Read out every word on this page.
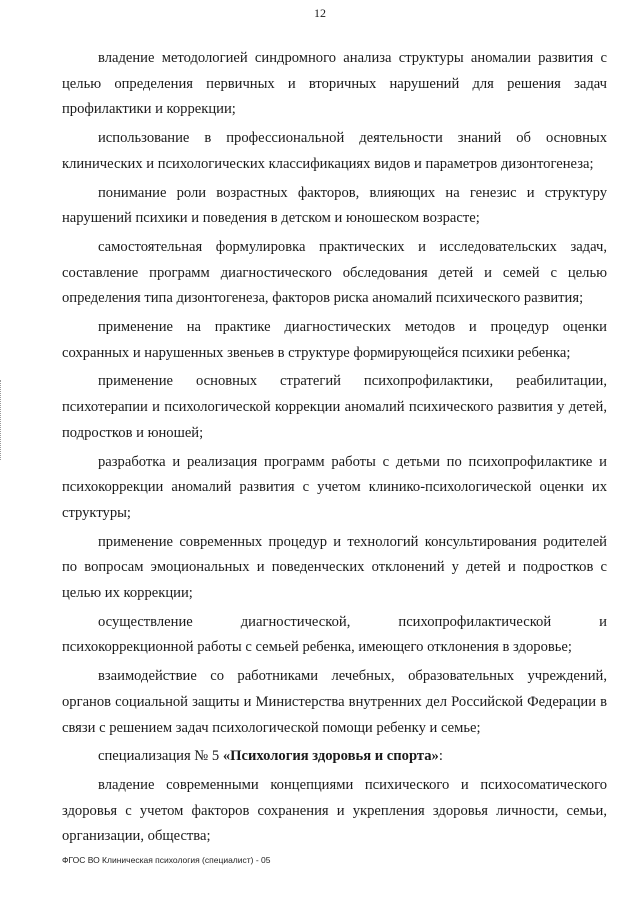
12

владение методологией синдромного анализа структуры аномалии развития с целью определения первичных и вторичных нарушений для решения задач профилактики и коррекции;

использование в профессиональной деятельности знаний об основных клинических и психологических классификациях видов и параметров дизонтогенеза;

понимание роли возрастных факторов, влияющих на генезис и структуру нарушений психики и поведения в детском и юношеском возрасте;

самостоятельная формулировка практических и исследовательских задач, составление программ диагностического обследования детей и семей с целью определения типа дизонтогенеза, факторов риска аномалий психического развития;

применение на практике диагностических методов и процедур оценки сохранных и нарушенных звеньев в структуре формирующейся психики ребенка;

применение основных стратегий психопрофилактики, реабилитации, психотерапии и психологической коррекции аномалий психического развития у детей, подростков и юношей;

разработка и реализация программ работы с детьми по психопрофилактике и психокоррекции аномалий развития с учетом клинико-психологической оценки их структуры;

применение современных процедур и технологий консультирования родителей по вопросам эмоциональных и поведенческих отклонений у детей и подростков с целью их коррекции;

осуществление диагностической, психопрофилактической и психокоррекционной работы с семьей ребенка, имеющего отклонения в здоровье;

взаимодействие со работниками лечебных, образовательных учреждений, органов социальной защиты и Министерства внутренних дел Российской Федерации в связи с решением задач психологической помощи ребенку и семье;

специализация № 5 «Психология здоровья и спорта»:

владение современными концепциями психического и психосоматического здоровья с учетом факторов сохранения и укрепления здоровья личности, семьи, организации, общества;

ФГОС ВО Клиническая психология (специалист) - 05
